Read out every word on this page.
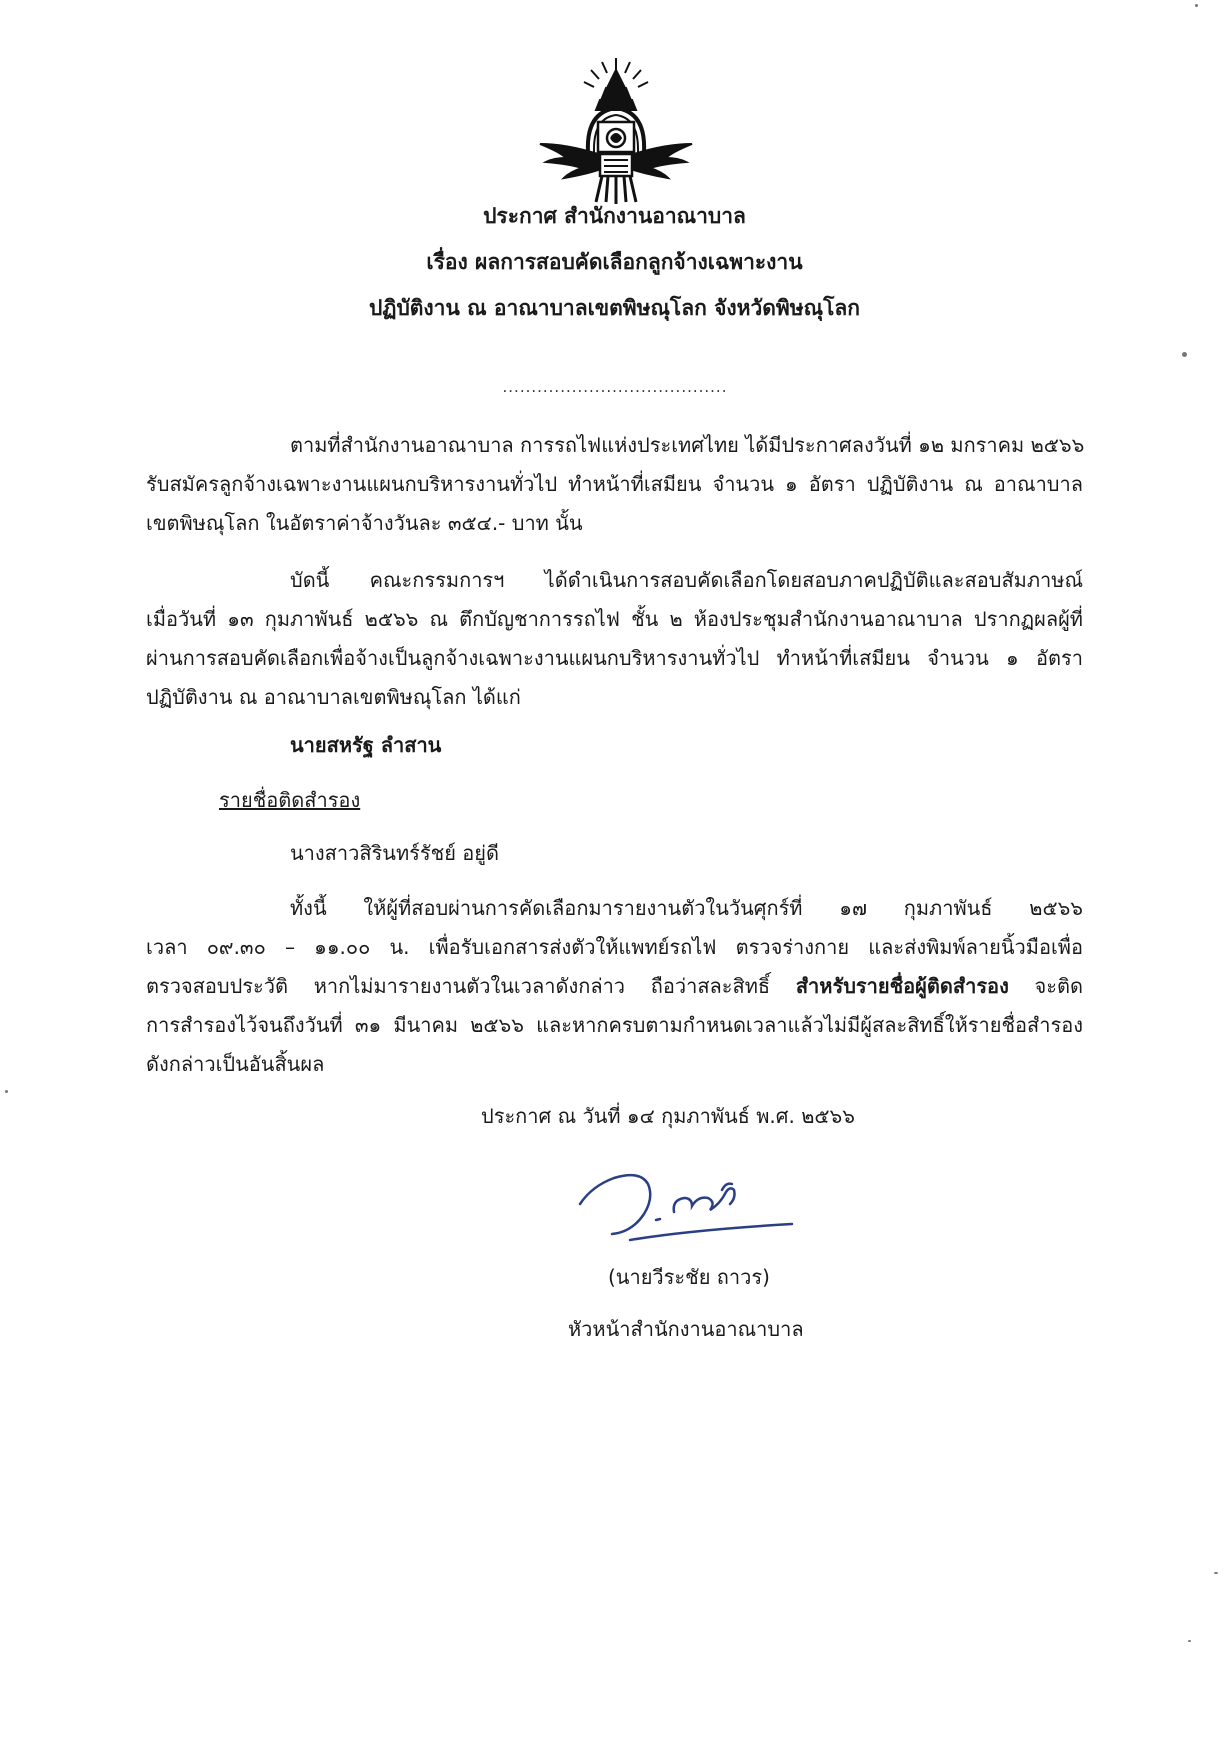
ประกาศ สำนักงานอาณาบาล
เรื่อง ผลการสอบคัดเลือกลูกจ้างเฉพาะงาน
ปฏิบัติงาน ณ อาณาบาลเขตพิษณุโลก จังหวัดพิษณุโลก
.......................................
ตามที่สำนักงานอาณาบาล การรถไฟแห่งประเทศไทย ได้มีประกาศลงวันที่ ๑๒ มกราคม ๒๕๖๖
รับสมัครลูกจ้างเฉพาะงานแผนกบริหารงานทั่วไป ทำหน้าที่เสมียน จำนวน ๑ อัตรา ปฏิบัติงาน ณ อาณาบาล
เขตพิษณุโลก ในอัตราค่าจ้างวันละ ๓๕๔.- บาท นั้น
บัดนี้ คณะกรรมการฯ ได้ดำเนินการสอบคัดเลือกโดยสอบภาคปฏิบัติและสอบสัมภาษณ์
เมื่อวันที่ ๑๓ กุมภาพันธ์ ๒๕๖๖ ณ ตึกบัญชาการรถไฟ ชั้น ๒ ห้องประชุมสำนักงานอาณาบาล ปรากฏผลผู้ที่
ผ่านการสอบคัดเลือกเพื่อจ้างเป็นลูกจ้างเฉพาะงานแผนกบริหารงานทั่วไป ทำหน้าที่เสมียน จำนวน ๑ อัตรา
ปฏิบัติงาน ณ อาณาบาลเขตพิษณุโลก ได้แก่
นายสหรัฐ ลำสาน
รายชื่อติดสำรอง
นางสาวสิรินทร์รัชย์ อยู่ดี
ทั้งนี้ ให้ผู้ที่สอบผ่านการคัดเลือกมารายงานตัวในวันศุกร์ที่ ๑๗ กุมภาพันธ์ ๒๕๖๖
เวลา ๐๙.๓๐ – ๑๑.๐๐ น. เพื่อรับเอกสารส่งตัวให้แพทย์รถไฟ ตรวจร่างกาย และส่งพิมพ์ลายนิ้วมือเพื่อ
ตรวจสอบประวัติ หากไม่มารายงานตัวในเวลาดังกล่าว ถือว่าสละสิทธิ์ สำหรับรายชื่อผู้ติดสำรอง จะติด
การสำรองไว้จนถึงวันที่ ๓๑ มีนาคม ๒๕๖๖ และหากครบตามกำหนดเวลาแล้วไม่มีผู้สละสิทธิ์ให้รายชื่อสำรอง
ดังกล่าวเป็นอันสิ้นผล
ประกาศ ณ วันที่ ๑๔ กุมภาพันธ์ พ.ศ. ๒๕๖๖
(นายวีระชัย ถาวร)
หัวหน้าสำนักงานอาณาบาล
